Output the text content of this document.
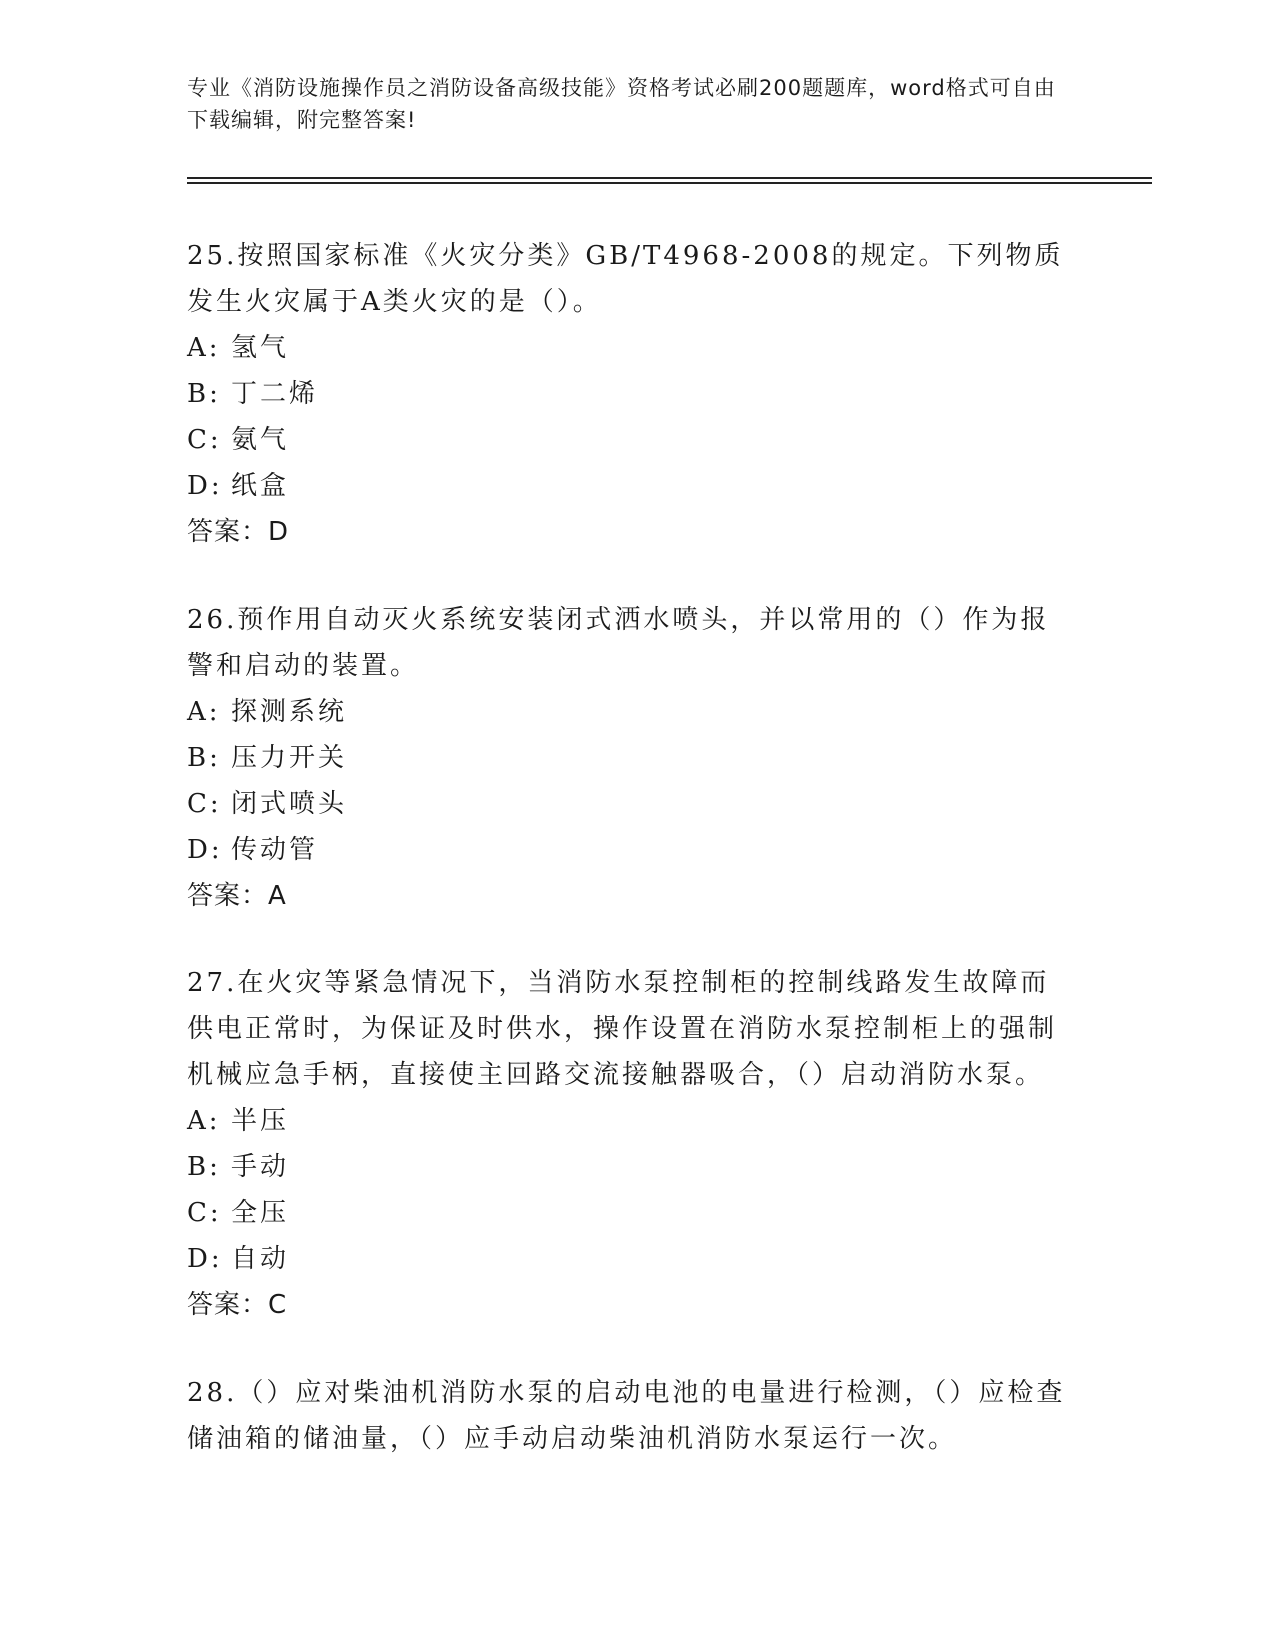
专业《消防设施操作员之消防设备高级技能》资格考试必刷200题题库，word格式可自由下载编辑，附完整答案!

25.按照国家标准《火灾分类》GB/T4968-2008的规定。下列物质发生火灾属于A类火灾的是（）。

A: 氢气

B: 丁二烯

C: 氨气

D: 纸盒

答案：D

26.预作用自动灭火系统安装闭式洒水喷头，并以常用的（）作为报警和启动的装置。

A: 探测系统

B: 压力开关

C: 闭式喷头

D: 传动管

答案：A

27.在火灾等紧急情况下，当消防水泵控制柜的控制线路发生故障而供电正常时，为保证及时供水，操作设置在消防水泵控制柜上的强制机械应急手柄，直接使主回路交流接触器吸合，（）启动消防水泵。

A: 半压

B: 手动

C: 全压

D: 自动

答案：C

28.（）应对柴油机消防水泵的启动电池的电量进行检测，（）应检查储油箱的储油量，（）应手动启动柴油机消防水泵运行一次。
